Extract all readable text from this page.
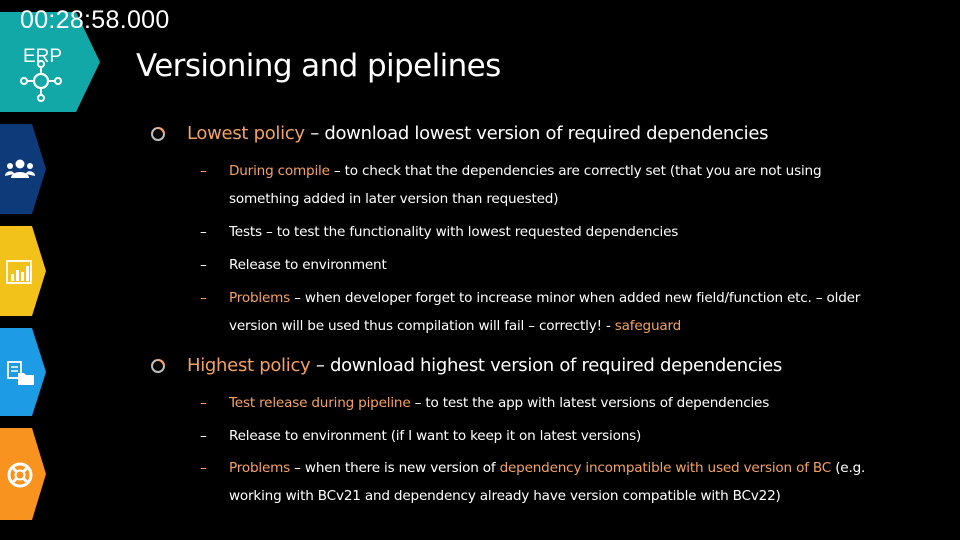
00:28:58.000
ERP Versioning and pipelines
Lowest policy – download lowest version of required dependencies
– During compile – to check that the dependencies are correctly set (that you are not using something added in later version than requested)
– Tests – to test the functionality with lowest requested dependencies
– Release to environment
– Problems – when developer forget to increase minor when added new field/function etc. – older version will be used thus compilation will fail – correctly! - safeguard
Highest policy – download highest version of required dependencies
– Test release during pipeline – to test the app with latest versions of dependencies
– Release to environment (if I want to keep it on latest versions)
– Problems – when there is new version of dependency incompatible with used version of BC (e.g. working with BCv21 and dependency already have version compatible with BCv22)
